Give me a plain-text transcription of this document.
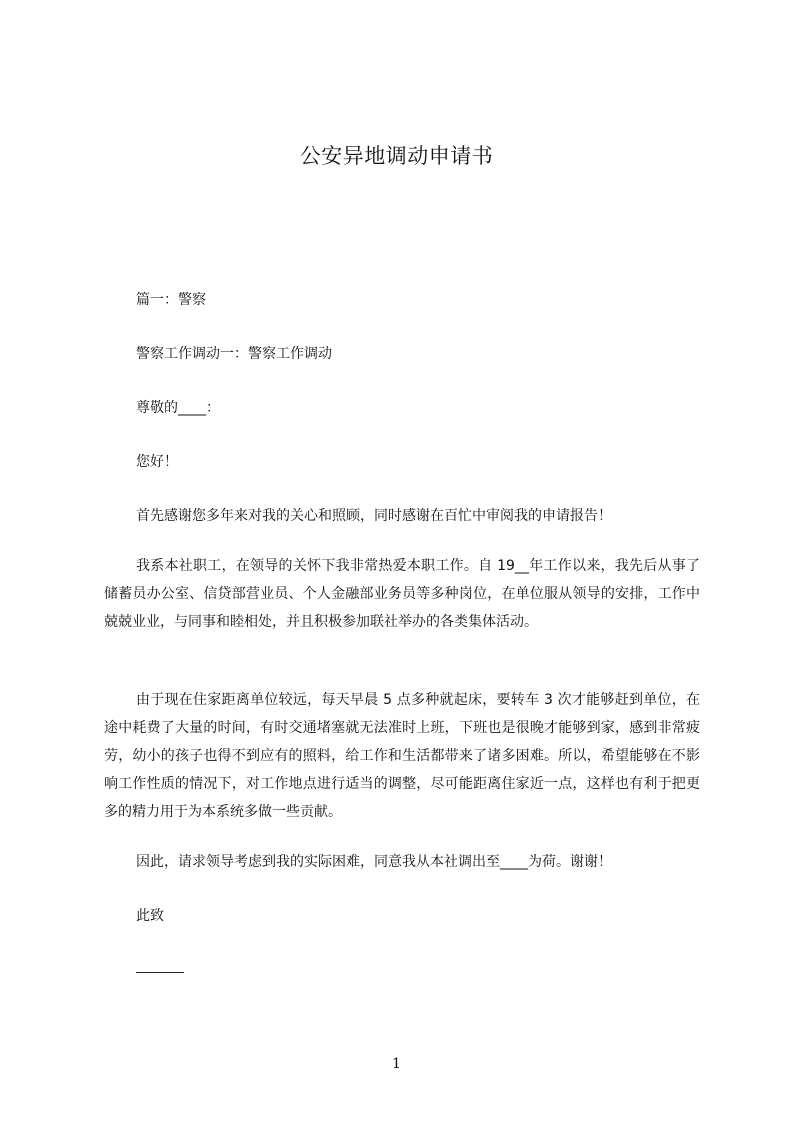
公安异地调动申请书
篇一：警察
警察工作调动一：警察工作调动
尊敬的____：
您好！
首先感谢您多年来对我的关心和照顾，同时感谢在百忙中审阅我的申请报告！
我系本社职工，在领导的关怀下我非常热爱本职工作。自 19__年工作以来，我先后从事了储蓄员办公室、信贷部营业员、个人金融部业务员等多种岗位，在单位服从领导的安排，工作中兢兢业业，与同事和睦相处，并且积极参加联社举办的各类集体活动。
由于现在住家距离单位较远，每天早晨 5 点多种就起床，要转车 3 次才能够赶到单位，在途中耗费了大量的时间，有时交通堵塞就无法准时上班，下班也是很晚才能够到家，感到非常疲劳，幼小的孩子也得不到应有的照料，给工作和生活都带来了诸多困难。所以，希望能够在不影响工作性质的情况下，对工作地点进行适当的调整，尽可能距离住家近一点，这样也有利于把更多的精力用于为本系统多做一些贡献。
因此，请求领导考虑到我的实际困难，同意我从本社调出至____为荷。谢谢！
此致
1
